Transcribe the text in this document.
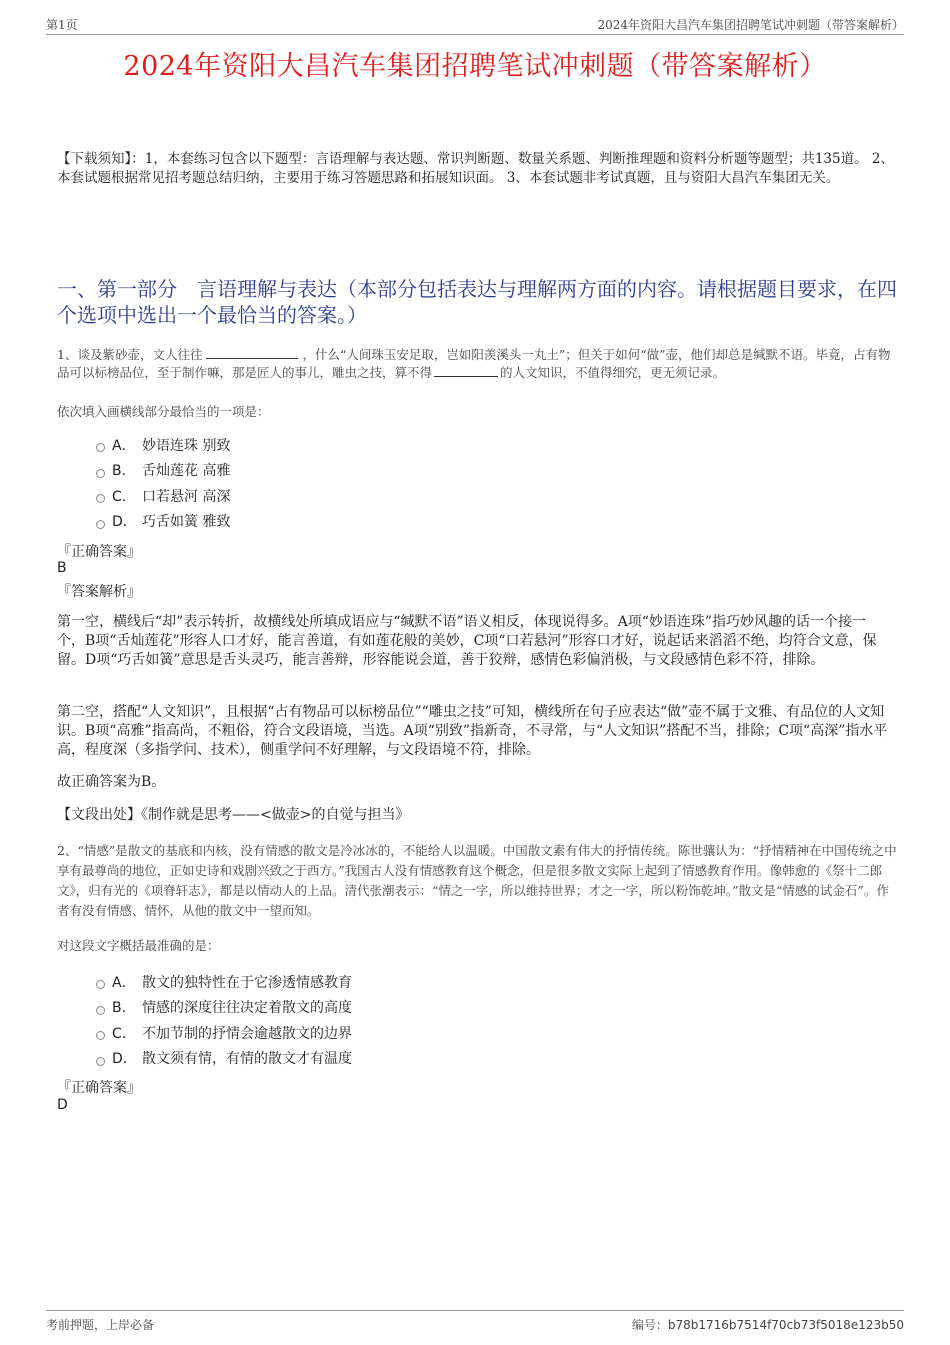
第1页	2024年资阳大昌汽车集团招聘笔试冲刺题（带答案解析）
2024年资阳大昌汽车集团招聘笔试冲刺题（带答案解析）
【下载须知】：1，本套练习包含以下题型：言语理解与表达题、常识判断题、数量关系题、判断推理题和资料分析题等题型；共135道。 2、本套试题根据常见招考题总结归纳，主要用于练习答题思路和拓展知识面。 3、本套试题非考试真题，且与资阳大昌汽车集团无关。
一、第一部分　言语理解与表达（本部分包括表达与理解两方面的内容。请根据题目要求，在四个选项中选出一个最恰当的答案。）
1、谈及紫砂壶，文人往往	，什么“人间珠玉安足取，岂如阳羡溪头一丸土”；但关于如何“做”壶，他们却总是缄默不语。毕竟，占有物品可以标榜品位，至于制作嘛，那是匠人的事儿，雕虫之技，算不得	的人文知识，不值得细究，更无须记录。
依次填入画横线部分最恰当的一项是：
A． 妙语连珠 别致
B． 舌灿莲花 高雅
C． 口若悬河 高深
D． 巧舌如簧 雅致
『正确答案』
B
『答案解析』
第一空，横线后“却”表示转折，故横线处所填成语应与“缄默不语”语义相反，体现说得多。A项“妙语连珠”指巧妙风趣的话一个接一个，B项“舌灿莲花”形容人口才好，能言善道，有如莲花般的美妙，C项“口若悬河”形容口才好，说起话来滔滔不绝，均符合文意，保留。D项“巧舌如簧”意思是舌头灵巧，能言善辩，形容能说会道，善于狡辩，感情色彩偏消极，与文段感情色彩不符，排除。
第二空，搭配“人文知识”，且根据“占有物品可以标榜品位”“雕虫之技”可知，横线所在句子应表达“做”壶不属于文雅、有品位的人文知识。B项“高雅”指高尚，不粗俗，符合文段语境，当选。A项“别致”指新奇，不寻常，与“人文知识”搭配不当，排除；C项“高深”指水平高，程度深（多指学问、技术），侧重学问不好理解，与文段语境不符，排除。
故正确答案为B。
【文段出处】《制作就是思考——<做壶>的自觉与担当》
2、“情感”是散文的基底和内核，没有情感的散文是冷冰冰的，不能给人以温暖。中国散文素有伟大的抒情传统。陈世骧认为：“抒情精神在中国传统之中享有最尊尚的地位，正如史诗和戏剧兴致之于西方。”我国古人没有情感教育这个概念，但是很多散文实际上起到了情感教育作用。像韩愈的《祭十二郎文》，归有光的《项脊轩志》，都是以情动人的上品。清代张潮表示：“情之一字，所以维持世界；才之一字，所以粉饰乾坤。”散文是“情感的试金石”。作者有没有情感、情怀，从他的散文中一望而知。
对这段文字概括最准确的是：
A． 散文的独特性在于它渗透情感教育
B． 情感的深度往往决定着散文的高度
C． 不加节制的抒情会逾越散文的边界
D． 散文须有情，有情的散文才有温度
『正确答案』
D
考前押题，上岸必备	编号：b78b1716b7514f70cb73f5018e123b50
